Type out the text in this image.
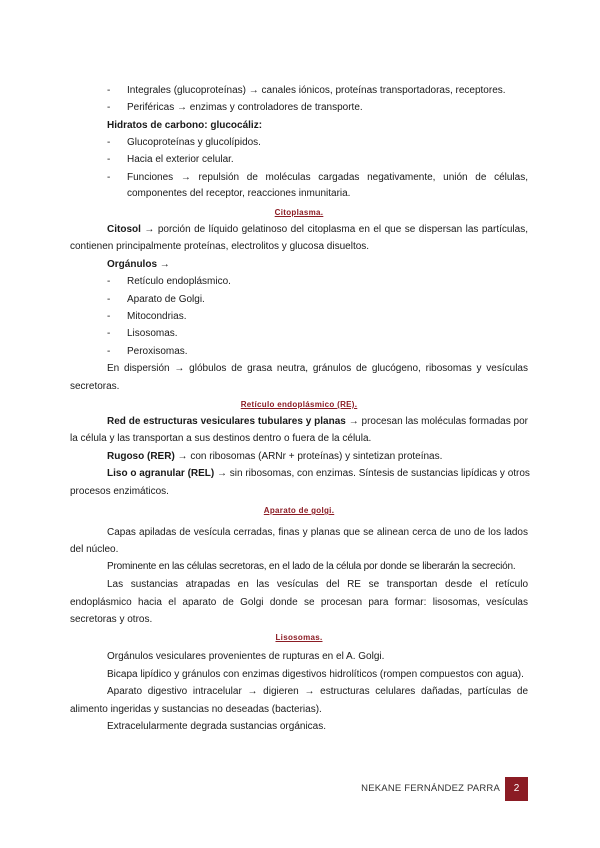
- Integrales (glucoproteínas) → canales iónicos, proteínas transportadoras, receptores.
- Periféricas → enzimas y controladores de transporte.
Hidratos de carbono: glucocáliz:
- Glucoproteínas y glucolípidos.
- Hacia el exterior celular.
- Funciones → repulsión de moléculas cargadas negativamente, unión de células,
componentes del receptor, reacciones inmunitaria.
Citoplasma.
Citosol → porción de líquido gelatinoso del citoplasma en el que se dispersan las partículas,
contienen principalmente proteínas, electrolitos y glucosa disueltos.
Orgánulos →
- Retículo endoplásmico.
- Aparato de Golgi.
- Mitocondrias.
- Lisosomas.
- Peroxisomas.
En dispersión → glóbulos de grasa neutra, gránulos de glucógeno, ribosomas y vesículas
secretoras.
Retículo endoplásmico (RE).
Red de estructuras vesiculares tubulares y planas → procesan las moléculas formadas por
la célula y las transportan a sus destinos dentro o fuera de la célula.
Rugoso (RER) → con ribosomas (ARNr + proteínas) y sintetizan proteínas.
Liso o agranular (REL) → sin ribosomas, con enzimas. Síntesis de sustancias lipídicas y otros
procesos enzimáticos.
Aparato de golgi.
Capas apiladas de vesícula cerradas, finas y planas que se alinean cerca de uno de los lados
del núcleo.
Prominente en las células secretoras, en el lado de la célula por donde se liberarán la secreción.
Las sustancias atrapadas en las vesículas del RE se transportan desde el retículo
endoplásmico hacia el aparato de Golgi donde se procesan para formar: lisosomas, vesículas
secretoras y otros.
Lisosomas.
Orgánulos vesiculares provenientes de rupturas en el A. Golgi.
Bicapa lipídico y gránulos con enzimas digestivos hidrolíticos (rompen compuestos con agua).
Aparato digestivo intracelular → digieren → estructuras celulares dañadas, partículas de
alimento ingeridas y sustancias no deseadas (bacterias).
Extracelularmente degrada sustancias orgánicas.
NEKANE FERNÁNDEZ PARRA	2
